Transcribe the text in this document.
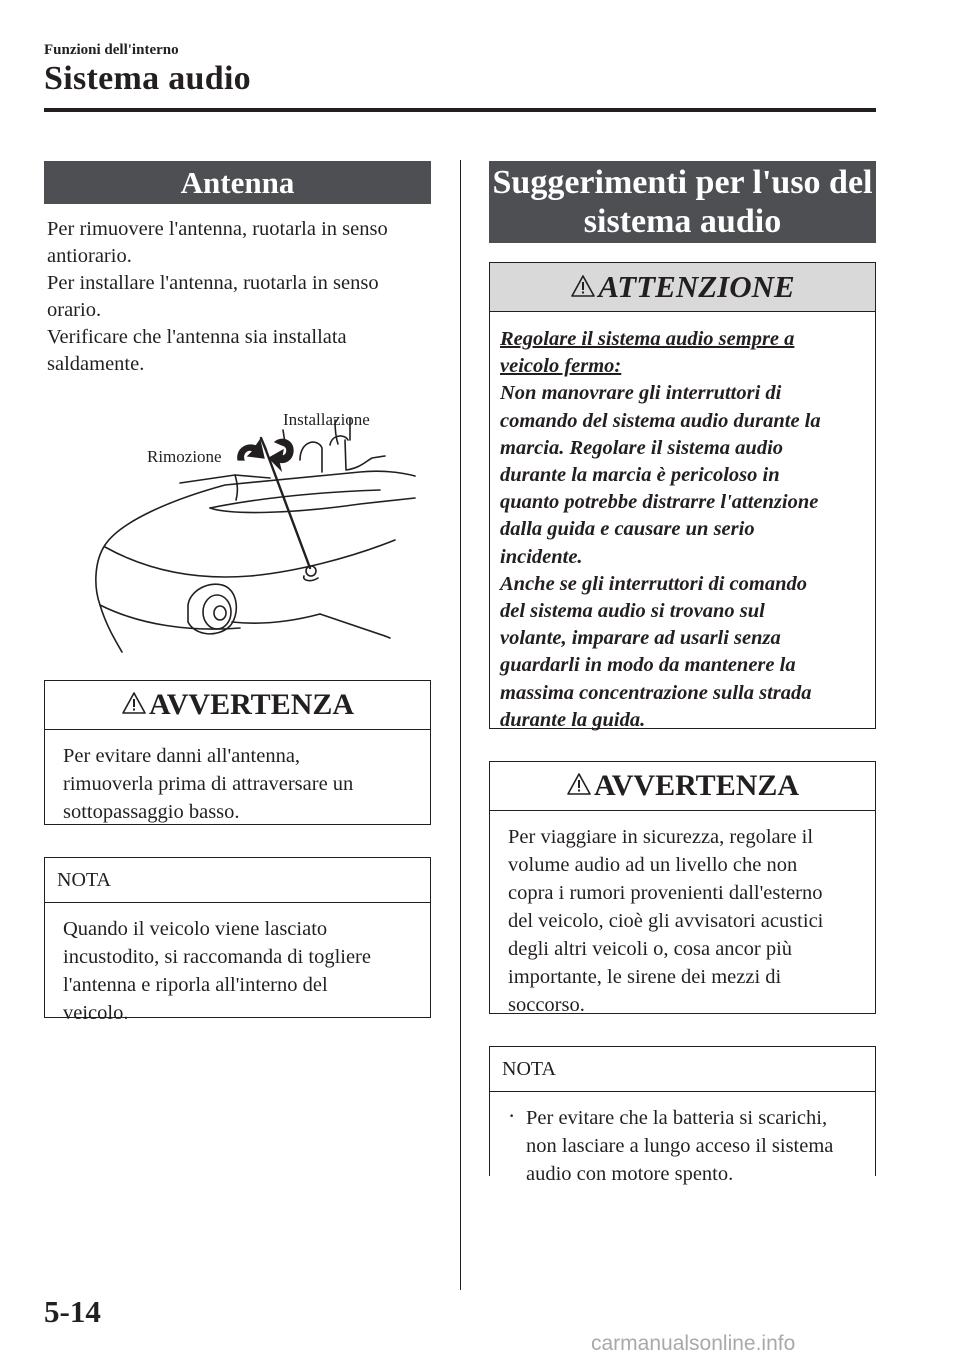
Funzioni dell'interno
Sistema audio
Antenna
Per rimuovere l'antenna, ruotarla in senso
antiorario.
Per installare l'antenna, ruotarla in senso
orario.
Verificare che l'antenna sia installata
saldamente.
Installazione
Rimozione
AVVERTENZA
Per evitare danni all'antenna,
rimuoverla prima di attraversare un
sottopassaggio basso.
NOTA
Quando il veicolo viene lasciato
incustodito, si raccomanda di togliere
l'antenna e riporla all'interno del
veicolo.
Suggerimenti per l'uso del
sistema audio
ATTENZIONE
Regolare il sistema audio sempre a
veicolo fermo:
Non manovrare gli interruttori di
comando del sistema audio durante la
marcia. Regolare il sistema audio
durante la marcia è pericoloso in
quanto potrebbe distrarre l'attenzione
dalla guida e causare un serio
incidente.
Anche se gli interruttori di comando
del sistema audio si trovano sul
volante, imparare ad usarli senza
guardarli in modo da mantenere la
massima concentrazione sulla strada
durante la guida.
AVVERTENZA
Per viaggiare in sicurezza, regolare il
volume audio ad un livello che non
copra i rumori provenienti dall'esterno
del veicolo, cioè gli avvisatori acustici
degli altri veicoli o, cosa ancor più
importante, le sirene dei mezzi di
soccorso.
NOTA
· Per evitare che la batteria si scarichi,
non lasciare a lungo acceso il sistema
audio con motore spento.
5-14
carmanualsonline.info
